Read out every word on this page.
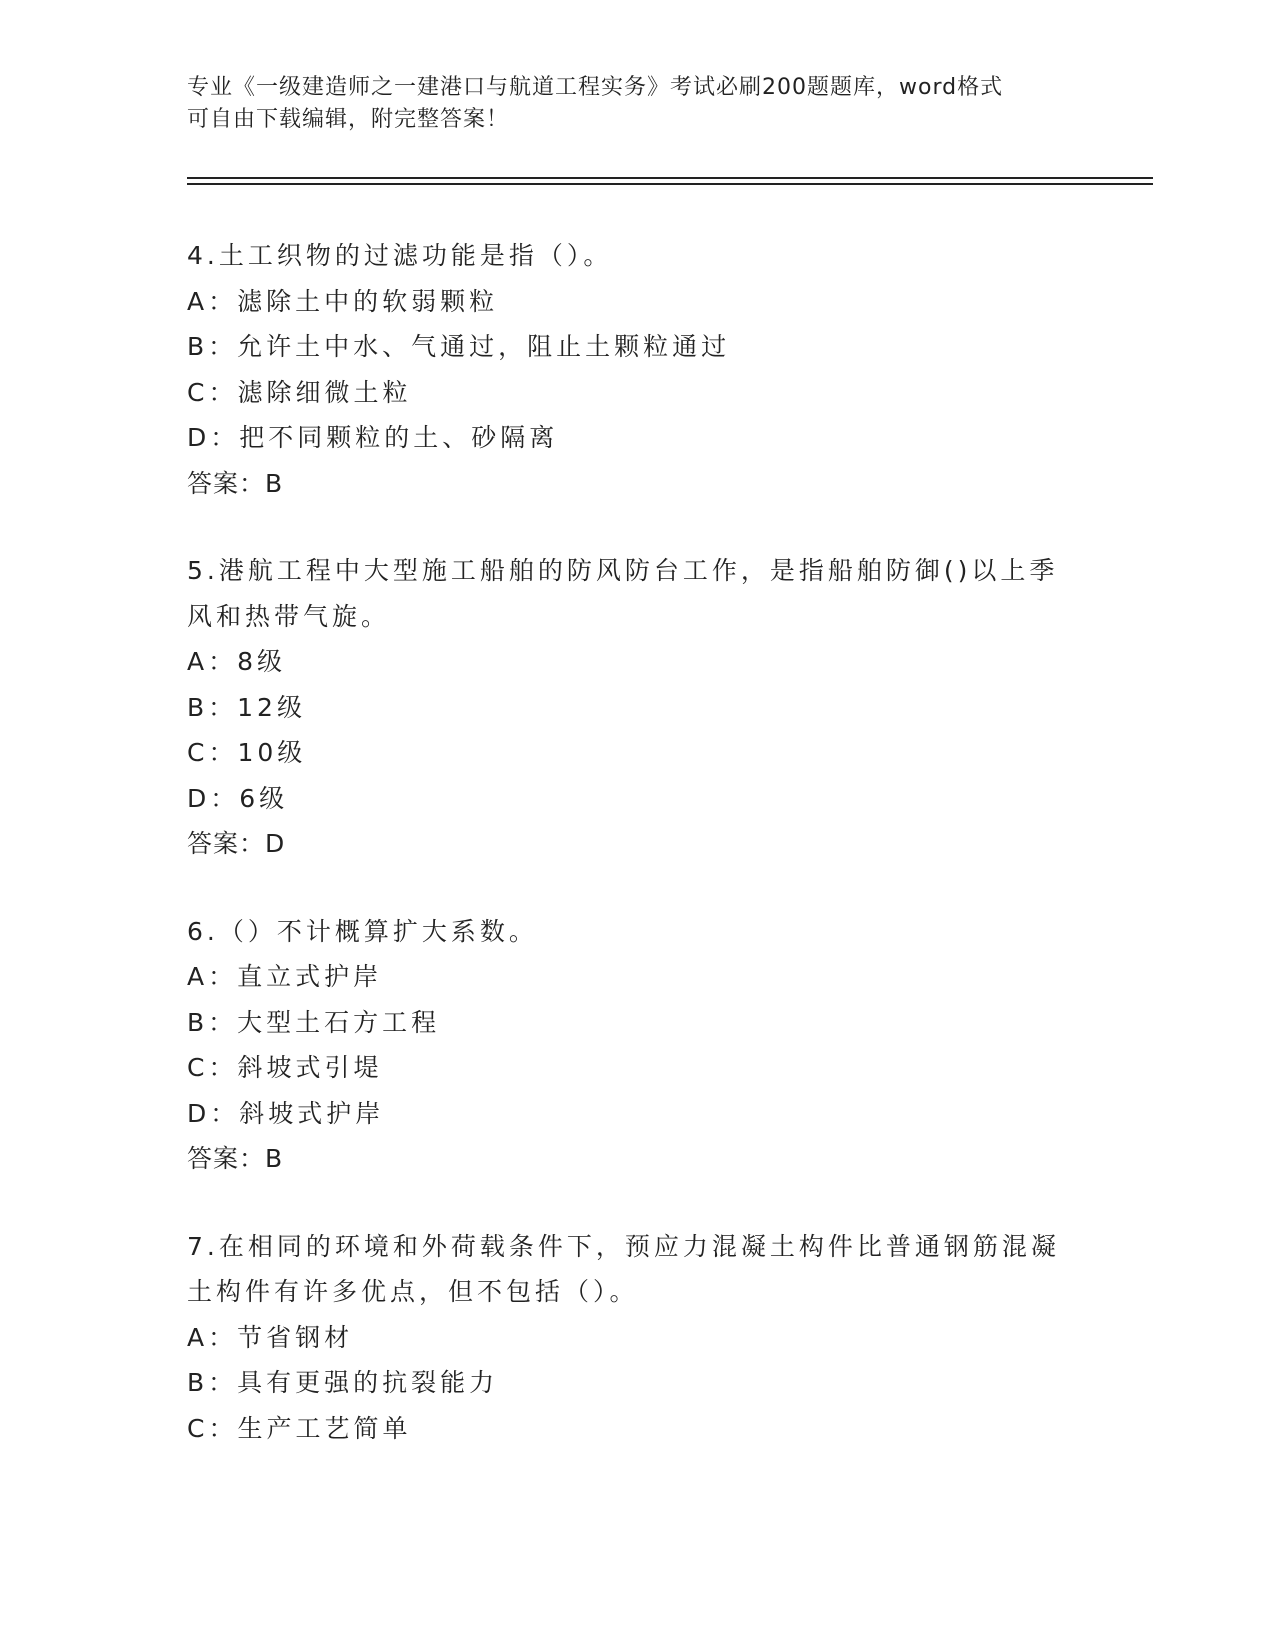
专业《一级建造师之一建港口与航道工程实务》考试必刷200题题库，word格式
可自由下载编辑，附完整答案！
4.土工织物的过滤功能是指（）。
A：滤除土中的软弱颗粒
B：允许土中水、气通过，阻止土颗粒通过
C：滤除细微土粒
D：把不同颗粒的土、砂隔离
答案：B
5.港航工程中大型施工船舶的防风防台工作，是指船舶防御()以上季
风和热带气旋。
A：8级
B：12级
C：10级
D：6级
答案：D
6.（）不计概算扩大系数。
A：直立式护岸
B：大型土石方工程
C：斜坡式引堤
D：斜坡式护岸
答案：B
7.在相同的环境和外荷载条件下，预应力混凝土构件比普通钢筋混凝
土构件有许多优点，但不包括（）。
A：节省钢材
B：具有更强的抗裂能力
C：生产工艺简单
